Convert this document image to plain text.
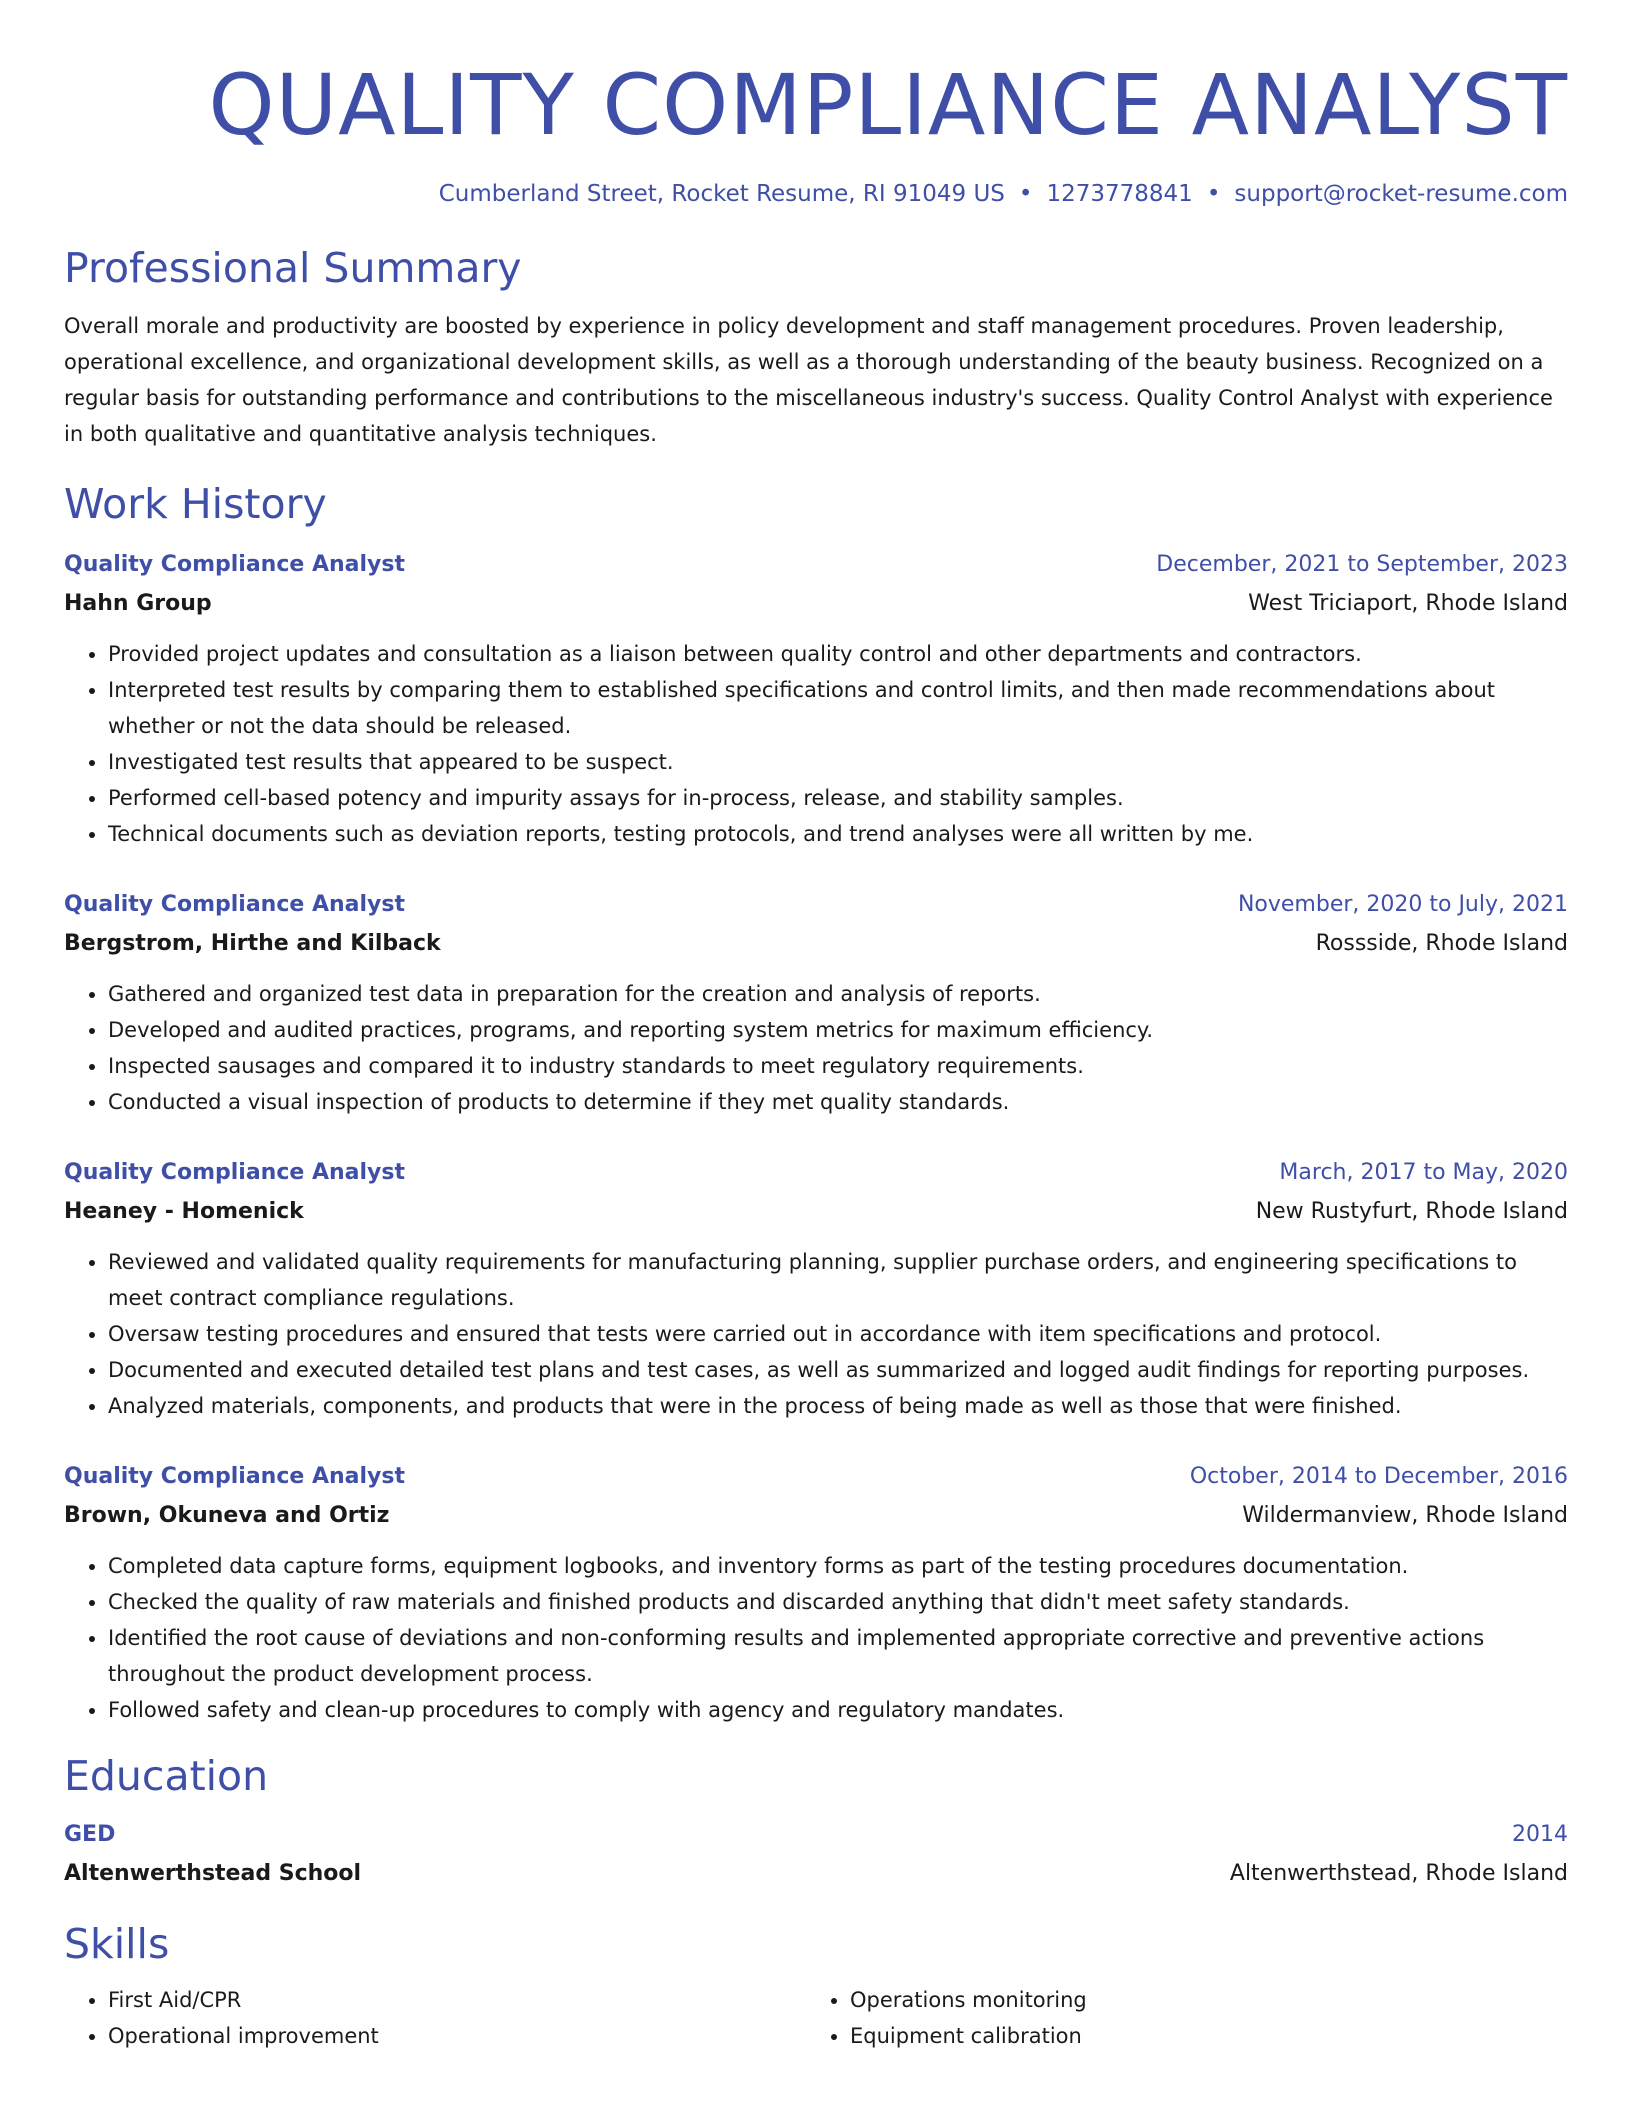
QUALITY COMPLIANCE ANALYST
Cumberland Street, Rocket Resume, RI 91049 US • 1273778841 • support@rocket-resume.com
Professional Summary
Overall morale and productivity are boosted by experience in policy development and staff management procedures. Proven leadership, operational excellence, and organizational development skills, as well as a thorough understanding of the beauty business. Recognized on a regular basis for outstanding performance and contributions to the miscellaneous industry's success. Quality Control Analyst with experience in both qualitative and quantitative analysis techniques.
Work History
Quality Compliance Analyst	December, 2021 to September, 2023
Hahn Group	West Triciaport, Rhode Island
• Provided project updates and consultation as a liaison between quality control and other departments and contractors.
• Interpreted test results by comparing them to established specifications and control limits, and then made recommendations about whether or not the data should be released.
• Investigated test results that appeared to be suspect.
• Performed cell-based potency and impurity assays for in-process, release, and stability samples.
• Technical documents such as deviation reports, testing protocols, and trend analyses were all written by me.
Quality Compliance Analyst	November, 2020 to July, 2021
Bergstrom, Hirthe and Kilback	Rossside, Rhode Island
• Gathered and organized test data in preparation for the creation and analysis of reports.
• Developed and audited practices, programs, and reporting system metrics for maximum efficiency.
• Inspected sausages and compared it to industry standards to meet regulatory requirements.
• Conducted a visual inspection of products to determine if they met quality standards.
Quality Compliance Analyst	March, 2017 to May, 2020
Heaney - Homenick	New Rustyfurt, Rhode Island
• Reviewed and validated quality requirements for manufacturing planning, supplier purchase orders, and engineering specifications to meet contract compliance regulations.
• Oversaw testing procedures and ensured that tests were carried out in accordance with item specifications and protocol.
• Documented and executed detailed test plans and test cases, as well as summarized and logged audit findings for reporting purposes.
• Analyzed materials, components, and products that were in the process of being made as well as those that were finished.
Quality Compliance Analyst	October, 2014 to December, 2016
Brown, Okuneva and Ortiz	Wildermanview, Rhode Island
• Completed data capture forms, equipment logbooks, and inventory forms as part of the testing procedures documentation.
• Checked the quality of raw materials and finished products and discarded anything that didn't meet safety standards.
• Identified the root cause of deviations and non-conforming results and implemented appropriate corrective and preventive actions throughout the product development process.
• Followed safety and clean-up procedures to comply with agency and regulatory mandates.
Education
GED	2014
Altenwerthstead School	Altenwerthstead, Rhode Island
Skills
• First Aid/CPR
• Operational improvement
• Operations monitoring
• Equipment calibration
